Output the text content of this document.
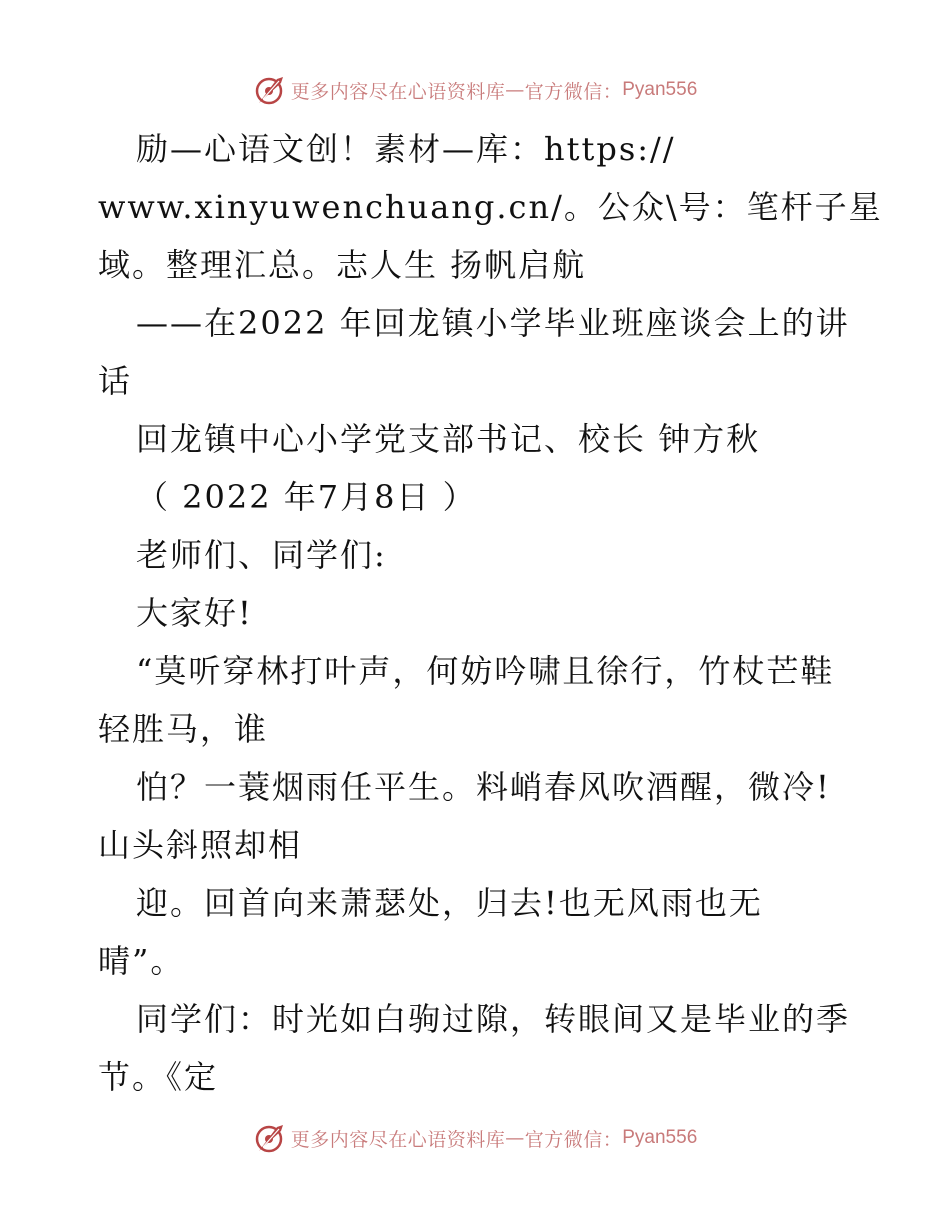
更多内容尽在心语资料库 — 官方微信： Pyan556
励—心语文创！素材—库：https://
www.xinyuwenchuang.cn/。公众\号：笔杆子星
域。整理汇总。志人生 扬帆启航
——在2022 年回龙镇小学毕业班座谈会上的讲
话
回龙镇中心小学党支部书记、校长 钟方秋
（ 2022 年7月8日 ）
老师们、同学们:
大家好!
“莫听穿林打叶声，何妨吟啸且徐行，竹杖芒鞋
轻胜马，谁
怕？一蓑烟雨任平生。料峭春风吹酒醒，微冷!
山头斜照却相
迎。回首向来萧瑟处，归去!也无风雨也无
晴”。
同学们：时光如白驹过隙，转眼间又是毕业的季
节。《定
更多内容尽在心语资料库 — 官方微信： Pyan556
